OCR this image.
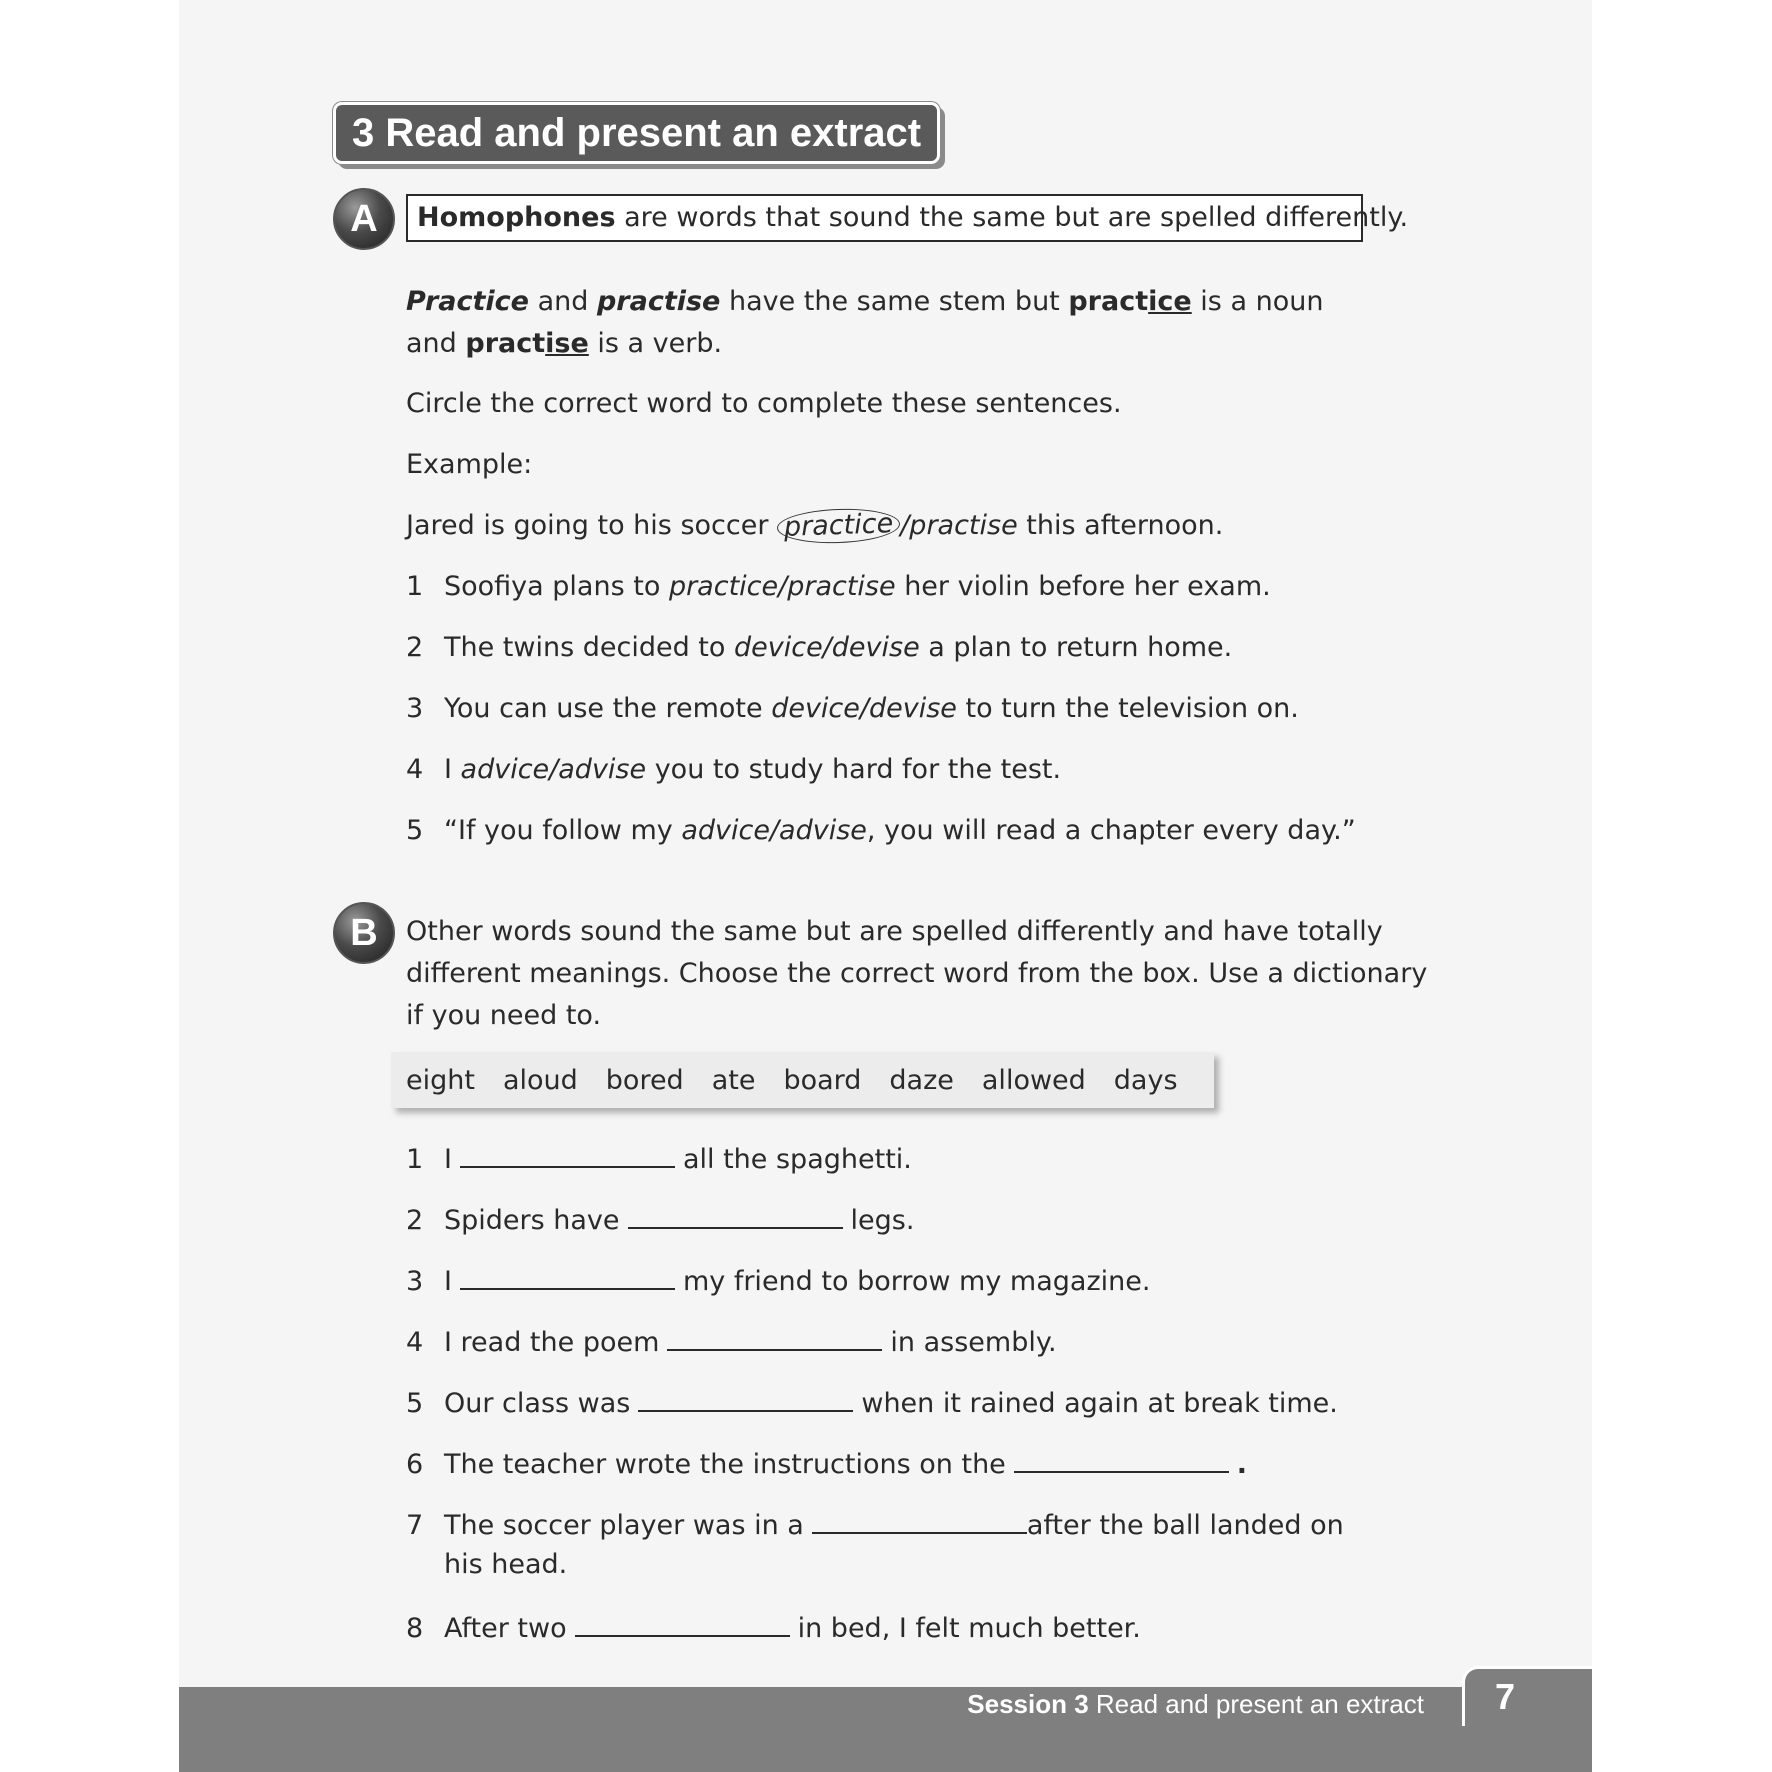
3 Read and present an extract
A	Homophones are words that sound the same but are spelled differently.
Practice and practise have the same stem but practice is a noun
and practise is a verb.
Circle the correct word to complete these sentences.
Example:
Jared is going to his soccer practice /practise this afternoon.
1 Soofiya plans to practice/practise her violin before her exam.
2 The twins decided to device/devise a plan to return home.
3 You can use the remote device/devise to turn the television on.
4 I advice/advise you to study hard for the test.
5 “If you follow my advice/advise, you will read a chapter every day.”
B	Other words sound the same but are spelled differently and have totally
different meanings. Choose the correct word from the box. Use a dictionary
if you need to.
eight aloud bored ate board daze allowed days
1 I	all the spaghetti.
2 Spiders have	legs.
3 I	my friend to borrow my magazine.
4 I read the poem	in assembly.
5 Our class was	when it rained again at break time.
6 The teacher wrote the instructions on the	.
7 The soccer player was in a	after the ball landed on
his head.
8 After two	in bed, I felt much better.
Session 3 Read and present an extract	7
